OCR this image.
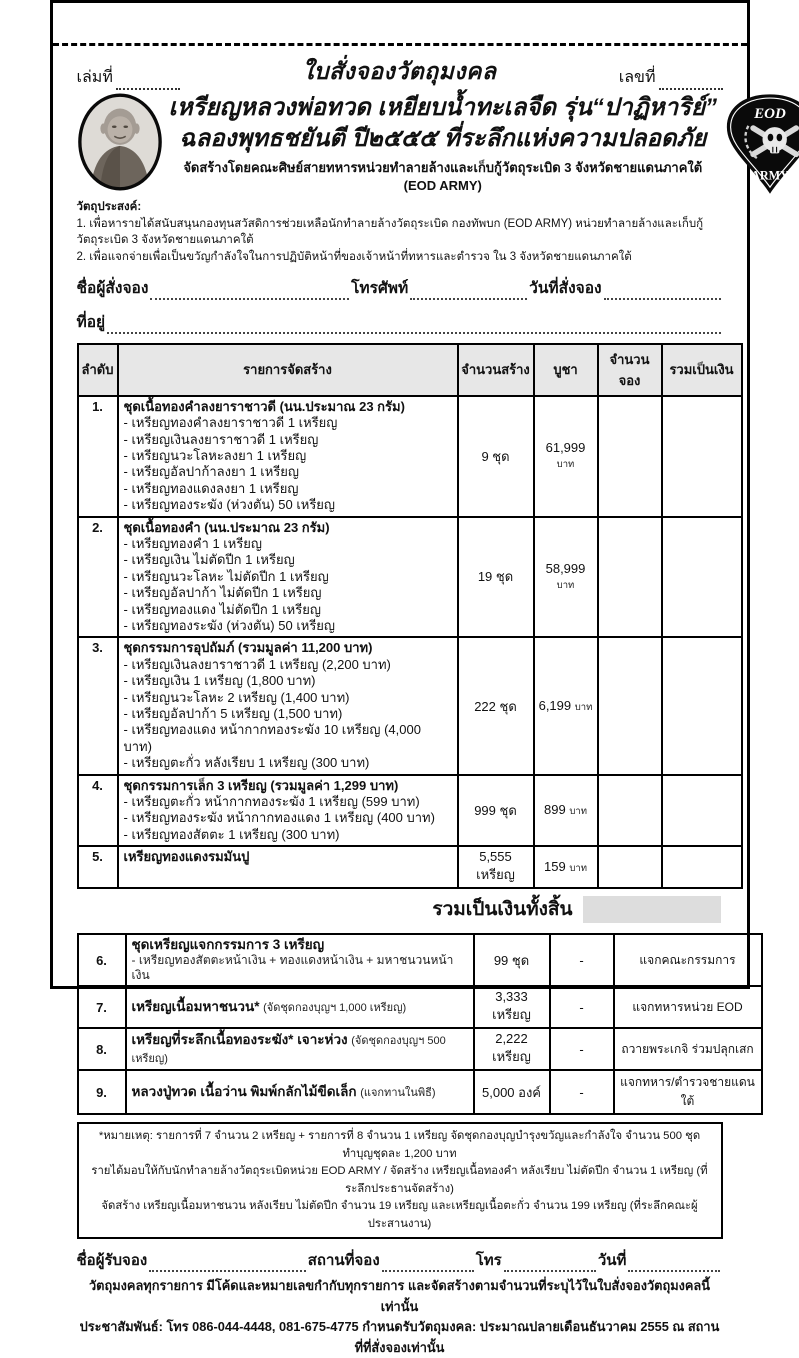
เล่มที่	ใบสั่งจองวัตถุมงคล	เลขที่
เหรียญหลวงพ่อทวด เหยียบน้ำทะเลจืด รุ่น“ปาฏิหาริย์”
ฉลองพุทธชยันตี ปี๒๕๕๕ ที่ระลึกแห่งความปลอดภัย
จัดสร้างโดยคณะศิษย์สายทหารหน่วยทำลายล้างและเก็บกู้วัตถุระเบิด 3 จังหวัดชายแดนภาคใต้ (EOD ARMY)
EOD
ARMY
วัตถุประสงค์:
1. เพื่อหารายได้สนับสนุนกองทุนสวัสดิการช่วยเหลือนักทำลายล้างวัตถุระเบิด กองทัพบก (EOD ARMY) หน่วยทำลายล้างและเก็บกู้วัตถุระเบิด 3 จังหวัดชายแดนภาคใต้
2. เพื่อแจกจ่ายเพื่อเป็นขวัญกำลังใจในการปฏิบัติหน้าที่ของเจ้าหน้าที่ทหารและตำรวจ ใน 3 จังหวัดชายแดนภาคใต้
ชื่อผู้สั่งจอง	โทรศัพท์	วันที่สั่งจอง
ที่อยู่
ลำดับ	รายการจัดสร้าง	จำนวนสร้าง	บูชา	จำนวนจอง	รวมเป็นเงิน
1.	ชุดเนื้อทองคำลงยาราชาวดี (นน.ประมาณ 23 กรัม)
- เหรียญทองคำลงยาราชาวดี 1 เหรียญ
- เหรียญเงินลงยาราชาวดี 1 เหรียญ
- เหรียญนวะโลหะลงยา 1 เหรียญ
- เหรียญอัลปาก้าลงยา 1 เหรียญ
- เหรียญทองแดงลงยา 1 เหรียญ
- เหรียญทองระฆัง (ห่วงตัน) 50 เหรียญ
	9 ชุด	61,999 บาท		
2.	ชุดเนื้อทองคำ (นน.ประมาณ 23 กรัม)
- เหรียญทองคำ 1 เหรียญ
- เหรียญเงิน ไม่ตัดปีก 1 เหรียญ
- เหรียญนวะโลหะ ไม่ตัดปีก 1 เหรียญ
- เหรียญอัลปาก้า ไม่ตัดปีก 1 เหรียญ
- เหรียญทองแดง ไม่ตัดปีก 1 เหรียญ
- เหรียญทองระฆัง (ห่วงตัน) 50 เหรียญ
	19 ชุด	58,999 บาท		
3.	ชุดกรรมการอุปถัมภ์ (รวมมูลค่า 11,200 บาท)
- เหรียญเงินลงยาราชาวดี 1 เหรียญ (2,200 บาท)
- เหรียญเงิน 1 เหรียญ (1,800 บาท)
- เหรียญนวะโลหะ 2 เหรียญ (1,400 บาท)
- เหรียญอัลปาก้า 5 เหรียญ (1,500 บาท)
- เหรียญทองแดง หน้ากากทองระฆัง 10 เหรียญ (4,000 บาท)
- เหรียญตะกั่ว หลังเรียบ 1 เหรียญ (300 บาท)
	222 ชุด	6,199 บาท		
4.	ชุดกรรมการเล็ก 3 เหรียญ (รวมมูลค่า 1,299 บาท)
- เหรียญตะกั่ว หน้ากากทองระฆัง 1 เหรียญ (599 บาท)
- เหรียญทองระฆัง หน้ากากทองแดง 1 เหรียญ (400 บาท)
- เหรียญทองสัตตะ 1 เหรียญ (300 บาท)	999 ชุด	899 บาท		
5.	เหรียญทองแดงรมมันปู	5,555 เหรียญ	159 บาท		
รวมเป็นเงินทั้งสิ้น
6.	ชุดเหรียญแจกกรรมการ 3 เหรียญ
- เหรียญทองสัตตะหน้าเงิน + ทองแดงหน้าเงิน + มหาชนวนหน้าเงิน	99 ชุด	-	แจกคณะกรรมการ
7.	เหรียญเนื้อมหาชนวน* (จัดชุดกองบุญฯ 1,000 เหรียญ)	3,333 เหรียญ	-	แจกทหารหน่วย EOD
8.	เหรียญที่ระลึกเนื้อทองระฆัง* เจาะห่วง (จัดชุดกองบุญฯ 500 เหรียญ)	2,222 เหรียญ	-	ถวายพระเกจิ ร่วมปลุกเสก
9.	หลวงปู่ทวด เนื้อว่าน พิมพ์กลักไม้ขีดเล็ก (แจกทานในพิธี)	5,000 องค์	-	แจกทหาร/ตำรวจชายแดนใต้
*หมายเหตุ: รายการที่ 7 จำนวน 2 เหรียญ + รายการที่ 8 จำนวน 1 เหรียญ จัดชุดกองบุญบำรุงขวัญและกำลังใจ จำนวน 500 ชุด ทำบุญชุดละ 1,200 บาท
รายได้มอบให้กับนักทำลายล้างวัตถุระเบิดหน่วย EOD ARMY / จัดสร้าง เหรียญเนื้อทองคำ หลังเรียบ ไม่ตัดปีก จำนวน 1 เหรียญ (ที่ระลึกประธานจัดสร้าง)
จัดสร้าง เหรียญเนื้อมหาชนวน หลังเรียบ ไม่ตัดปีก จำนวน 19 เหรียญ และเหรียญเนื้อตะกั่ว จำนวน 199 เหรียญ (ที่ระลึกคณะผู้ประสานงาน)
ชื่อผู้รับจอง	สถานที่จอง	โทร	วันที่
วัตถุมงคลทุกรายการ มีโค้ดและหมายเลขกำกับทุกรายการ และจัดสร้างตามจำนวนที่ระบุไว้ในใบสั่งจองวัตถุมงคลนี้เท่านั้น
ประชาสัมพันธ์: โทร 086-044-4448, 081-675-4775 กำหนดรับวัตถุมงคล: ประมาณปลายเดือนธันวาคม 2555 ณ สถานที่ที่สั่งจองเท่านั้น
